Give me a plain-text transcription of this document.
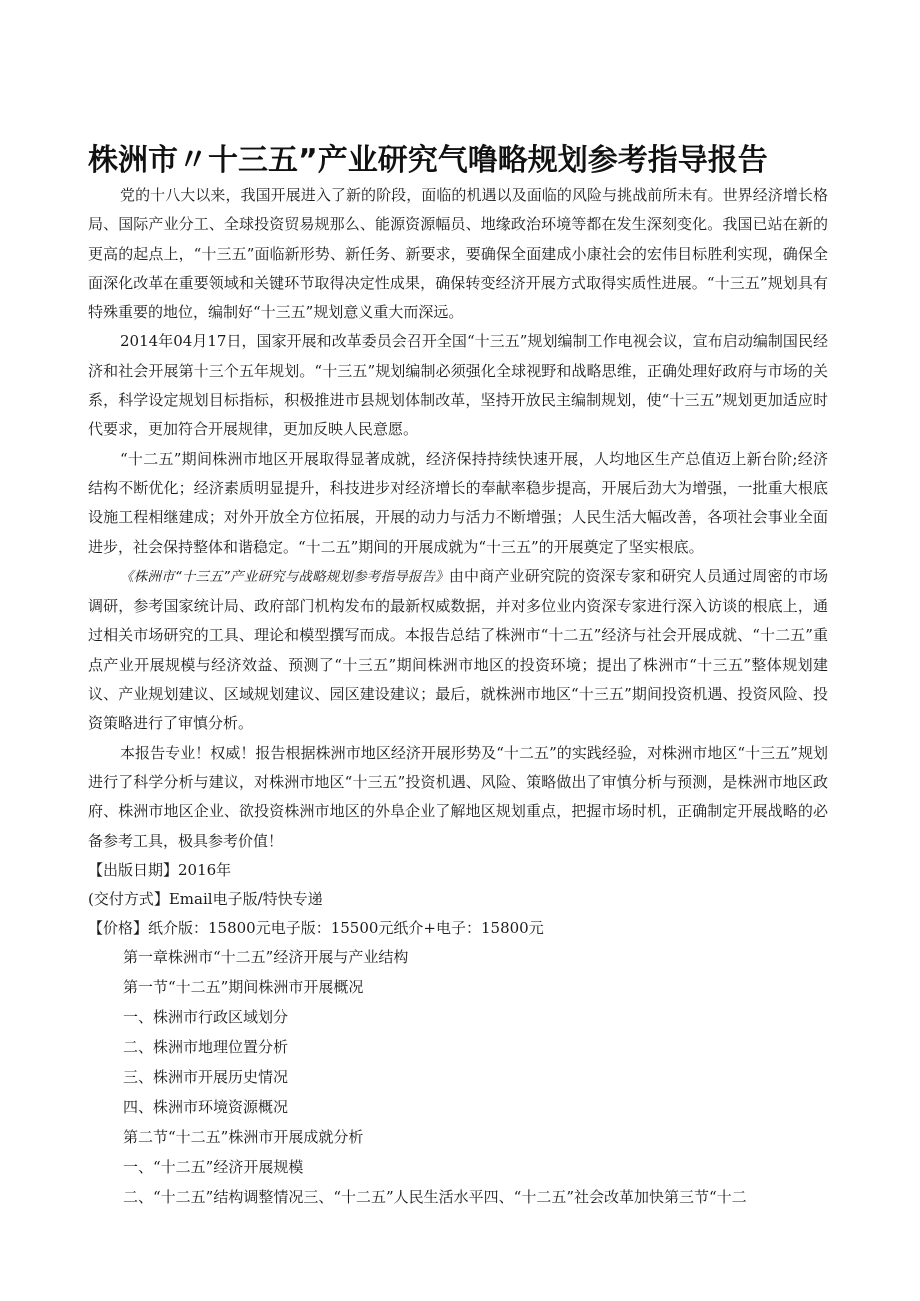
株洲市〃十三五”产业研究气噜略规划参考指导报告

党的十八大以来，我国开展进入了新的阶段，面临的机遇以及面临的风险与挑战前所未有。世界经济增长格局、国际产业分工、全球投资贸易规那么、能源资源幅员、地缘政治环境等都在发生深刻变化。我国已站在新的更高的起点上，“十三五”面临新形势、新任务、新要求，要确保全面建成小康社会的宏伟目标胜利实现，确保全面深化改革在重要领域和关键环节取得决定性成果，确保转变经济开展方式取得实质性进展。“十三五”规划具有特殊重要的地位，编制好“十三五”规划意义重大而深远。

2014年04月17日，国家开展和改革委员会召开全国“十三五”规划编制工作电视会议，宣布启动编制国民经济和社会开展第十三个五年规划。“十三五”规划编制必须强化全球视野和战略思维，正确处理好政府与市场的关系，科学设定规划目标指标，积极推进市县规划体制改革，坚持开放民主编制规划，使“十三五”规划更加适应时代要求，更加符合开展规律，更加反映人民意愿。

“十二五”期间株洲市地区开展取得显著成就，经济保持持续快速开展，人均地区生产总值迈上新台阶;经济结构不断优化；经济素质明显提升，科技进步对经济增长的奉献率稳步提高，开展后劲大为增强，一批重大根底设施工程相继建成；对外开放全方位拓展，开展的动力与活力不断增强；人民生活大幅改善，各项社会事业全面进步，社会保持整体和谐稳定。“十二五”期间的开展成就为“十三五”的开展奠定了坚实根底。

《株洲市“十三五”产业研究与战略规划参考指导报告》由中商产业研究院的资深专家和研究人员通过周密的市场调研，参考国家统计局、政府部门机构发布的最新权威数据，并对多位业内资深专家进行深入访谈的根底上，通过相关市场研究的工具、理论和模型撰写而成。本报告总结了株洲市“十二五”经济与社会开展成就、“十二五”重点产业开展规模与经济效益、预测了“十三五”期间株洲市地区的投资环境；提出了株洲市“十三五”整体规划建议、产业规划建议、区域规划建议、园区建设建议；最后，就株洲市地区“十三五”期间投资机遇、投资风险、投资策略进行了审慎分析。

本报告专业！权威！报告根据株洲市地区经济开展形势及“十二五”的实践经验，对株洲市地区“十三五”规划进行了科学分析与建议，对株洲市地区“十三五”投资机遇、风险、策略做出了审慎分析与预测，是株洲市地区政府、株洲市地区企业、欲投资株洲市地区的外阜企业了解地区规划重点，把握市场时机，正确制定开展战略的必备参考工具，极具参考价值！

【出版日期】2016年

(交付方式】Email电子版/特快专递

【价格】纸介版：15800元电子版：15500元纸介+电子：15800元

第一章株洲市“十二五”经济开展与产业结构

第一节“十二五”期间株洲市开展概况

一、株洲市行政区域划分

二、株洲市地理位置分析

三、株洲市开展历史情况

四、株洲市环境资源概况

第二节“十二五”株洲市开展成就分析

一、“十二五”经济开展规模

二、“十二五”结构调整情况三、“十二五”人民生活水平四、“十二五”社会改革加快第三节“十二
